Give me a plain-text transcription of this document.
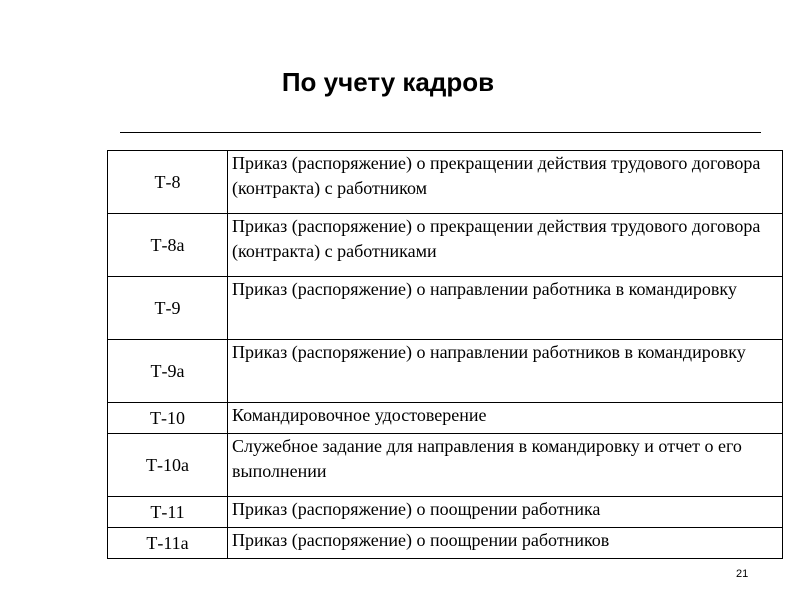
По учету кадров
Т-8	Приказ (распоряжение) о прекращении действия трудового договора (контракта) с работником
Т-8а	Приказ (распоряжение) о прекращении действия трудового договора (контракта) с работниками
Т-9	Приказ (распоряжение) о направлении работника в командировку
Т-9а	Приказ (распоряжение) о направлении работников в командировку
Т-10	Командировочное удостоверение
Т-10а	Служебное задание для направления в командировку и отчет о его выполнении
Т-11	Приказ (распоряжение) о поощрении работника
Т-11а	Приказ (распоряжение) о поощрении работников
21
